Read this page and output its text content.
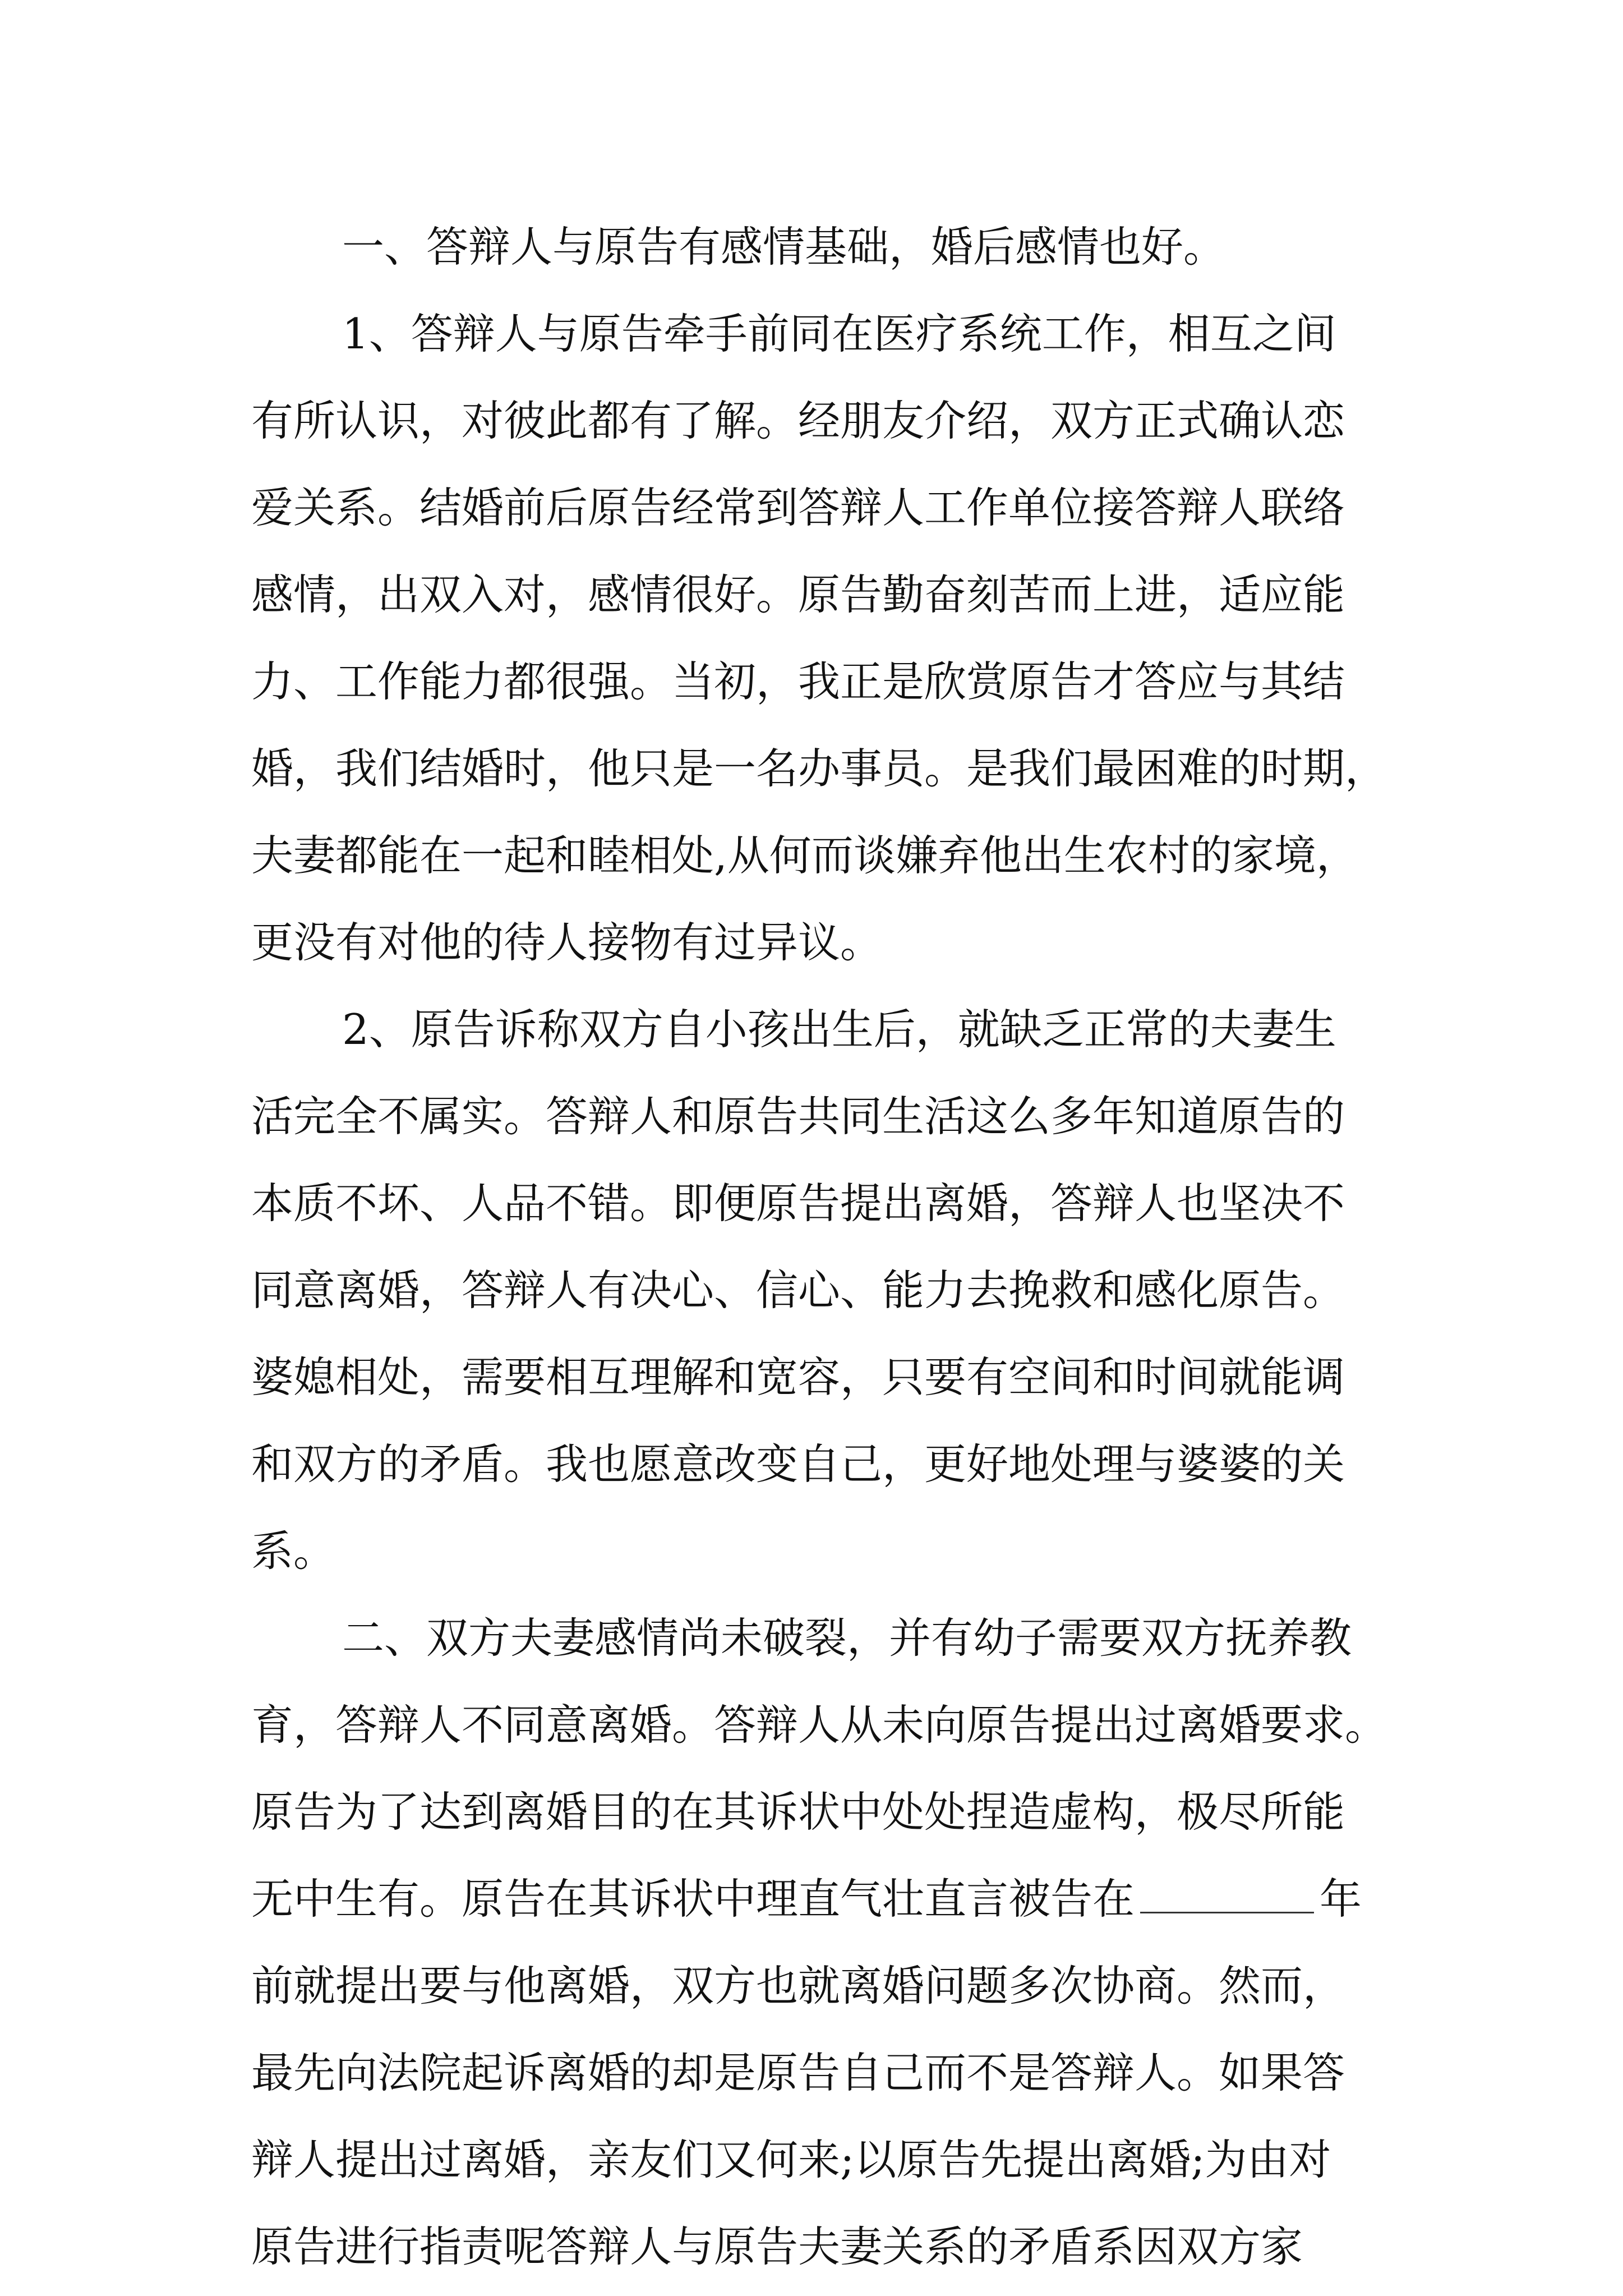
一、答辩人与原告有感情基础，婚后感情也好。
1、答辩人与原告牵手前同在医疗系统工作，相互之间
有所认识，对彼此都有了解。经朋友介绍，双方正式确认恋
爱关系。结婚前后原告经常到答辩人工作单位接答辩人联络
感情，出双入对，感情很好。原告勤奋刻苦而上进，适应能
力、工作能力都很强。当初，我正是欣赏原告才答应与其结
婚，我们结婚时，他只是一名办事员。是我们最困难的时期，
夫妻都能在一起和睦相处,从何而谈嫌弃他出生农村的家境，
更没有对他的待人接物有过异议。
2、原告诉称双方自小孩出生后，就缺乏正常的夫妻生
活完全不属实。答辩人和原告共同生活这么多年知道原告的
本质不坏、人品不错。即便原告提出离婚，答辩人也坚决不
同意离婚，答辩人有决心、信心、能力去挽救和感化原告。
婆媳相处，需要相互理解和宽容，只要有空间和时间就能调
和双方的矛盾。我也愿意改变自己，更好地处理与婆婆的关
系。
二、双方夫妻感情尚未破裂，并有幼子需要双方抚养教
育，答辩人不同意离婚。答辩人从未向原告提出过离婚要求。
原告为了达到离婚目的在其诉状中处处捏造虚构，极尽所能
无中生有。原告在其诉状中理直气壮直言被告在	年
前就提出要与他离婚，双方也就离婚问题多次协商。然而，
最先向法院起诉离婚的却是原告自己而不是答辩人。如果答
辩人提出过离婚，亲友们又何来;以原告先提出离婚;为由对
原告进行指责呢答辩人与原告夫妻关系的矛盾系因双方家
